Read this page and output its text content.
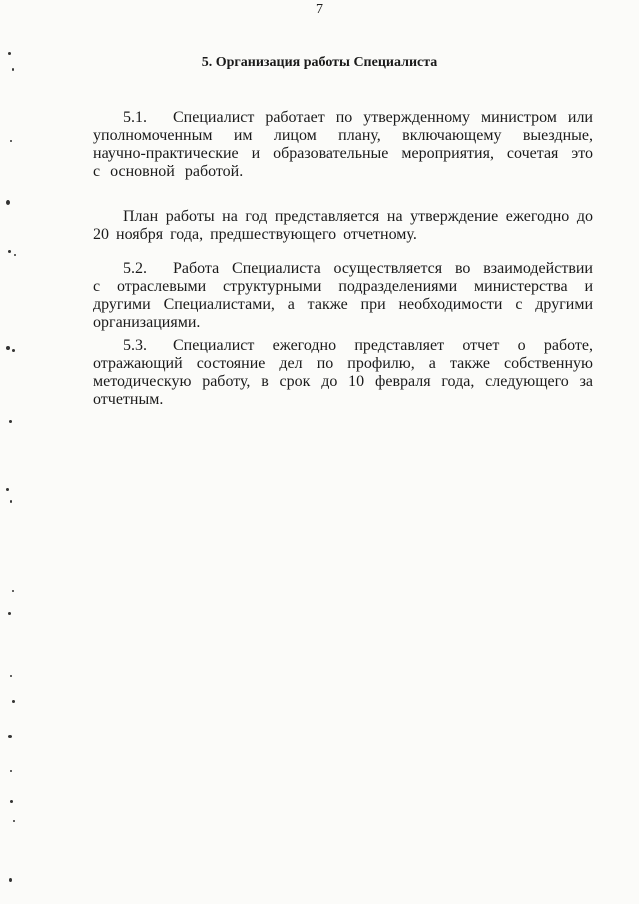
7
5. Организация работы Специалиста

5.1. Специалист работает по утвержденному министром или уполномоченным им лицом плану, включающему выездные, научно-практические и образовательные мероприятия, сочетая это с основной работой.

План работы на год представляется на утверждение ежегодно до 20 ноября года, предшествующего отчетному.

5.2. Работа Специалиста осуществляется во взаимодействии с отраслевыми структурными подразделениями министерства и другими Специалистами, а также при необходимости с другими организациями.

5.3. Специалист ежегодно представляет отчет о работе, отражающий состояние дел по профилю, а также собственную методическую работу, в срок до 10 февраля года, следующего за отчетным.
